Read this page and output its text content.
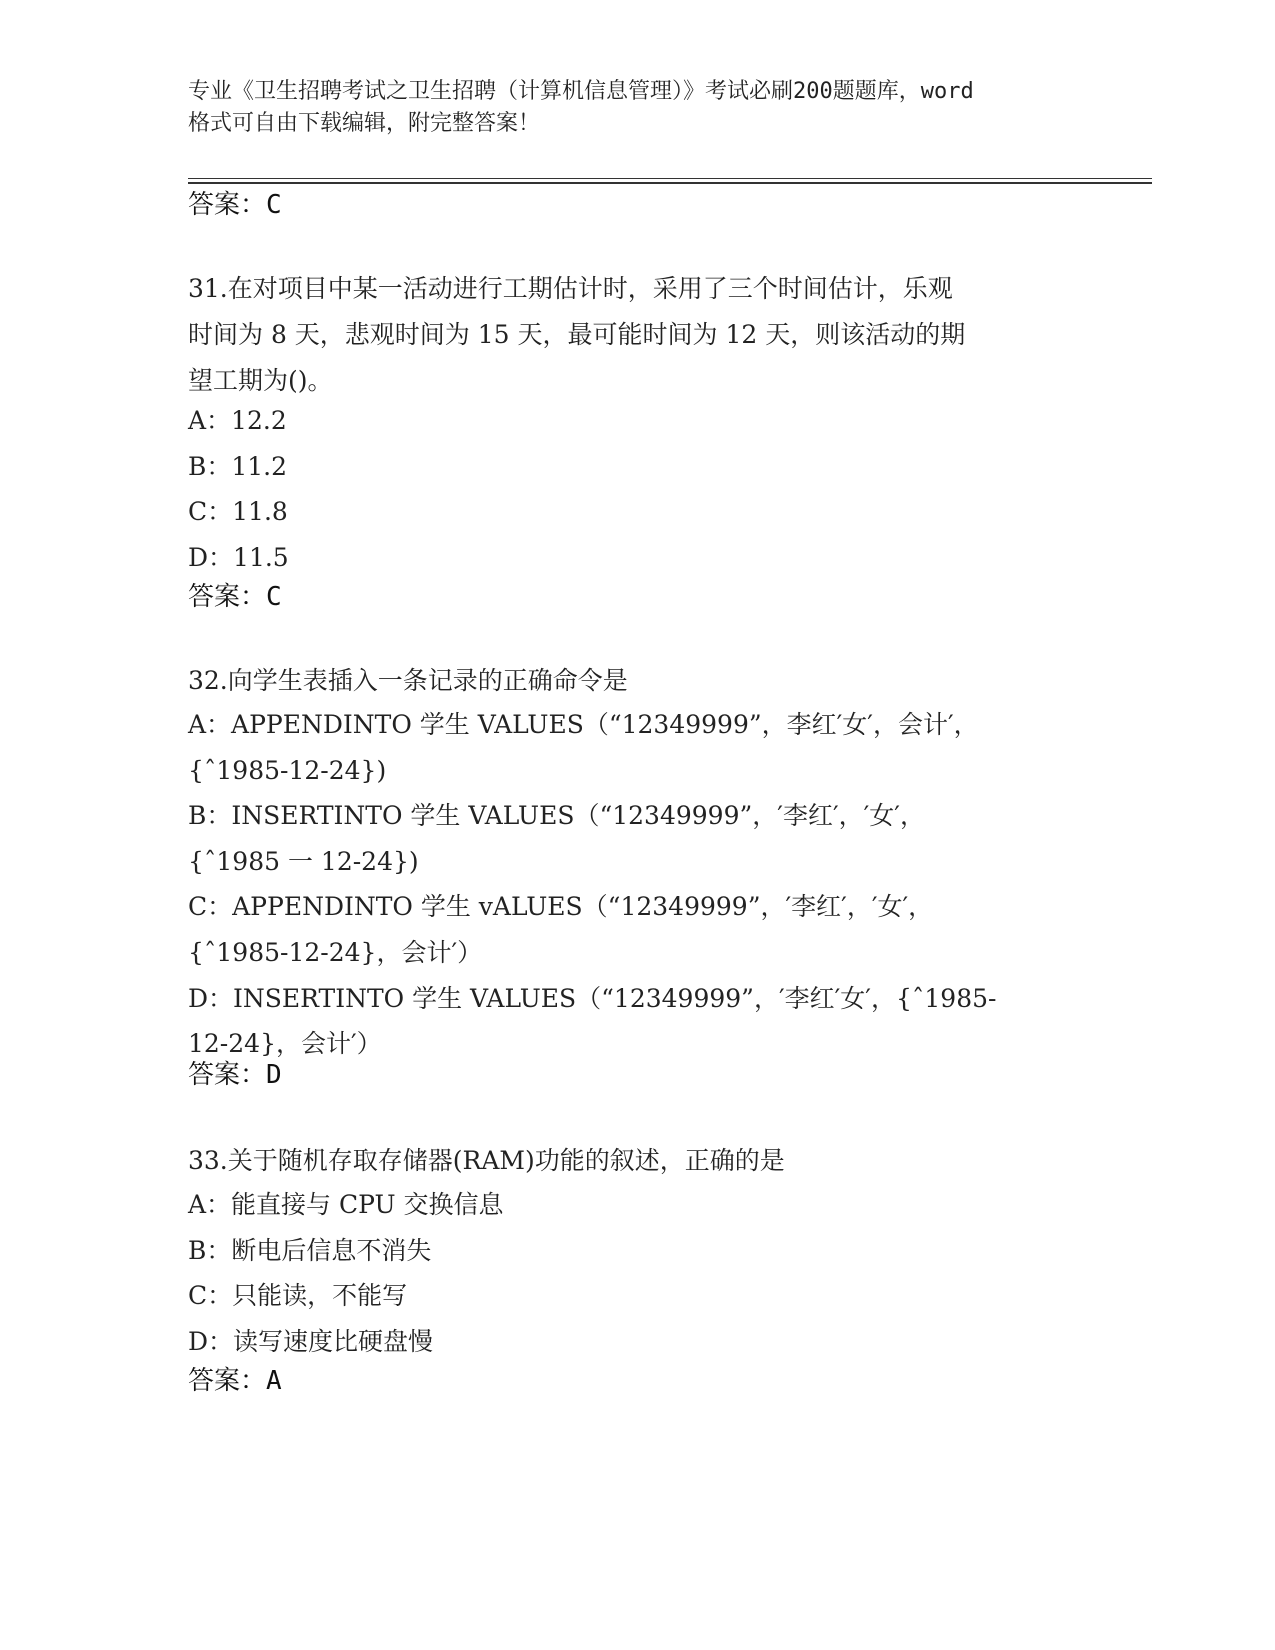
专业《卫生招聘考试之卫生招聘（计算机信息管理）》考试必刷200题题库，word
格式可自由下载编辑，附完整答案！
答案：C
31.在对项目中某一活动进行工期估计时，采用了三个时间估计，乐观
时间为 8 天，悲观时间为 15 天，最可能时间为 12 天，则该活动的期
望工期为()。
A：12.2
B：11.2
C：11.8
D：11.5
答案：C
32.向学生表插入一条记录的正确命令是
A：APPENDINTO 学生 VALUES（“12349999”，李红′女′，会计′，
{ˆ1985-12-24})
B：INSERTINTO 学生 VALUES（“12349999”，′李红′，′女′，
{ˆ1985 一 12-24})
C：APPENDINTO 学生 vALUES（“12349999”，′李红′，′女′，
{ˆ1985-12-24}，会计′）
D：INSERTINTO 学生 VALUES（“12349999”，′李红′女′，{ˆ1985-
12-24}，会计′）
答案：D
33.关于随机存取存储器(RAM)功能的叙述，正确的是
A：能直接与 CPU 交换信息
B：断电后信息不消失
C：只能读，不能写
D：读写速度比硬盘慢
答案：A
